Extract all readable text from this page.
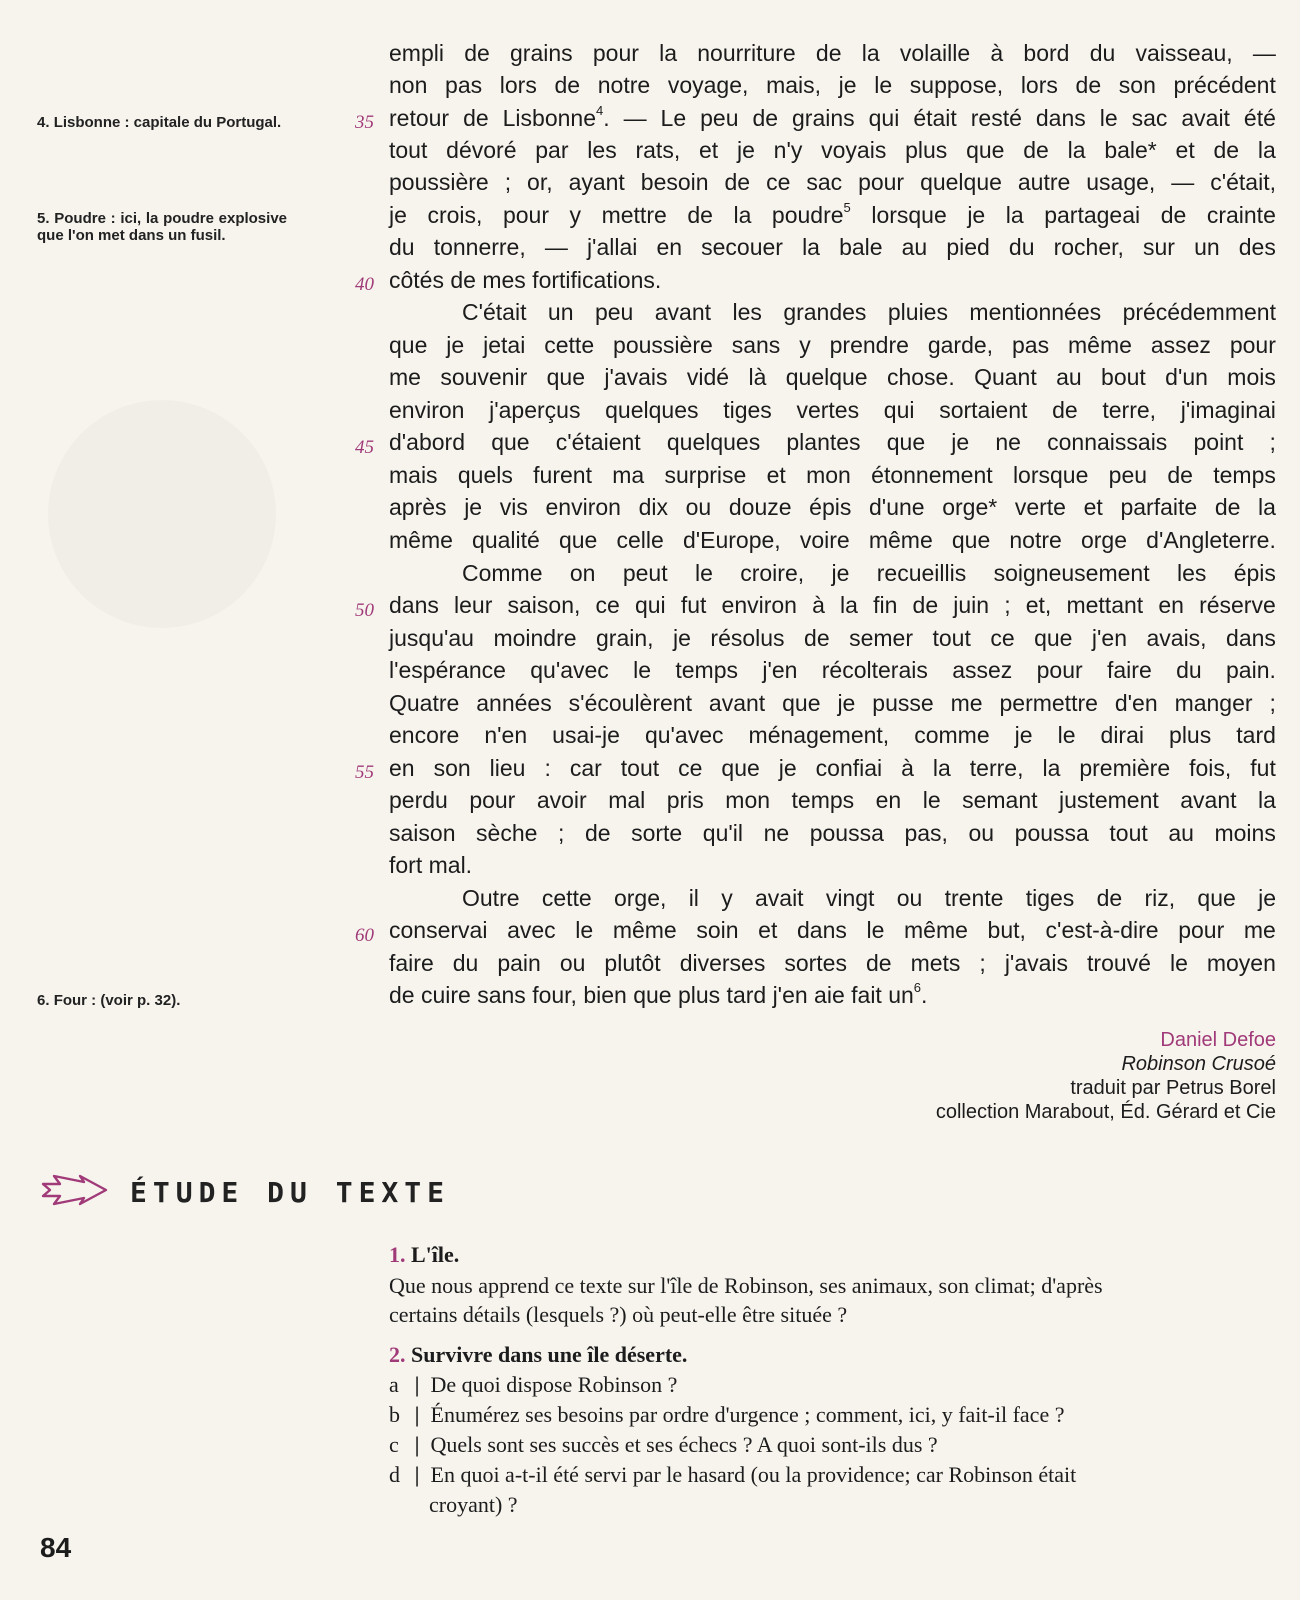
4. Lisbonne : capitale du Portugal.
5. Poudre : ici, la poudre explosive que l'on met dans un fusil.
6. Four : (voir p. 32).
35
40
45
50
55
60
empli de grains pour la nourriture de la volaille à bord du vaisseau, —
non pas lors de notre voyage, mais, je le suppose, lors de son précédent
retour de Lisbonne$^4$. — Le peu de grains qui était resté dans le sac avait été
tout dévoré par les rats, et je n'y voyais plus que de la bale* et de la
poussière ; or, ayant besoin de ce sac pour quelque autre usage, — c'était,
je crois, pour y mettre de la poudre$^5$ lorsque je la partageai de crainte
du tonnerre, — j'allai en secouer la bale au pied du rocher, sur un des
côtés de mes fortifications.
C'était un peu avant les grandes pluies mentionnées précédemment
que je jetai cette poussière sans y prendre garde, pas même assez pour
me souvenir que j'avais vidé là quelque chose. Quant au bout d'un mois
environ j'aperçus quelques tiges vertes qui sortaient de terre, j'imaginai
d'abord que c'étaient quelques plantes que je ne connaissais point ;
mais quels furent ma surprise et mon étonnement lorsque peu de temps
après je vis environ dix ou douze épis d'une orge* verte et parfaite de la
même qualité que celle d'Europe, voire même que notre orge d'Angleterre.
Comme on peut le croire, je recueillis soigneusement les épis
dans leur saison, ce qui fut environ à la fin de juin ; et, mettant en réserve
jusqu'au moindre grain, je résolus de semer tout ce que j'en avais, dans
l'espérance qu'avec le temps j'en récolterais assez pour faire du pain.
Quatre années s'écoulèrent avant que je pusse me permettre d'en manger ;
encore n'en usai-je qu'avec ménagement, comme je le dirai plus tard
en son lieu : car tout ce que je confiai à la terre, la première fois, fut
perdu pour avoir mal pris mon temps en le semant justement avant la
saison sèche ; de sorte qu'il ne poussa pas, ou poussa tout au moins
fort mal.
Outre cette orge, il y avait vingt ou trente tiges de riz, que je
conservai avec le même soin et dans le même but, c'est-à-dire pour me
faire du pain ou plutôt diverses sortes de mets ; j'avais trouvé le moyen
de cuire sans four, bien que plus tard j'en aie fait $un^6$.
Daniel Defoe
Robinson Crusoé
traduit par Petrus Borel
collection Marabout, Éd. Gérard et Cie
ÉTUDE DU TEXTE
1. L'île.
Que nous apprend ce texte sur l'île de Robinson, ses animaux, son climat; d'après
certains détails (lesquels ?) où peut-elle être située ?
2. Survivre dans une île déserte.
a | De quoi dispose Robinson ?
b | Énumérez ses besoins par ordre d'urgence ; comment, ici, y fait-il face ?
c | Quels sont ses succès et ses échecs ? A quoi sont-ils dus ?
d | En quoi a-t-il été servi par le hasard (ou la providence; car Robinson était
croyant) ?
84
